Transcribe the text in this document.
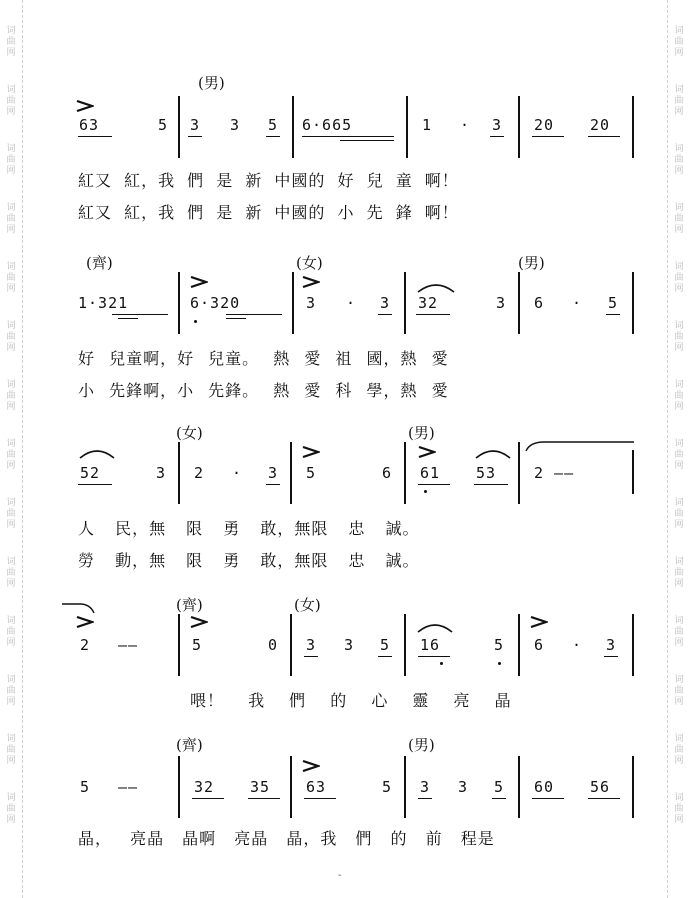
词曲网
词曲网
词曲网
词曲网
词曲网
词曲网
词曲网
词曲网
词曲网
词曲网
词曲网
词曲网
词曲网
词曲网
词曲网
词曲网
词曲网
词曲网
词曲网
词曲网
词曲网
词曲网
词曲网
词曲网
词曲网
词曲网
词曲网
词曲网
(男)
63	5 3 3 5 6·665	1 · 3 20 20
紅又 紅，我 們 是 新 中國的 好 兒 童 啊！
紅又 紅，我 們 是 新 中國的 小 先 鋒 啊！
(齊)	(女)	(男)
1·321	6·320	3 · 3 32	3 6 · 5
好 兒童啊，好 兒童。 熱 愛 祖 國，熱 愛
小 先鋒啊，小 先鋒。 熱 愛 科 學，熱 愛
(女)	(男)
52	3 2 · 3 5	6 61 53	2 ——
人 民，無 限 勇 敢，無限 忠 誠。
勞 動，無 限 勇 敢，無限 忠 誠。
(齊)	(女)
2 ——	5	0 3 3 5 16	5 6 · 3
喂！ 我 們 的 心 靈 亮 晶
(齊)	(男)
5 ——	32 35 63	5 3 3 5 60 56
晶， 亮晶 晶啊 亮晶 晶，我 們 的 前 程是
-
